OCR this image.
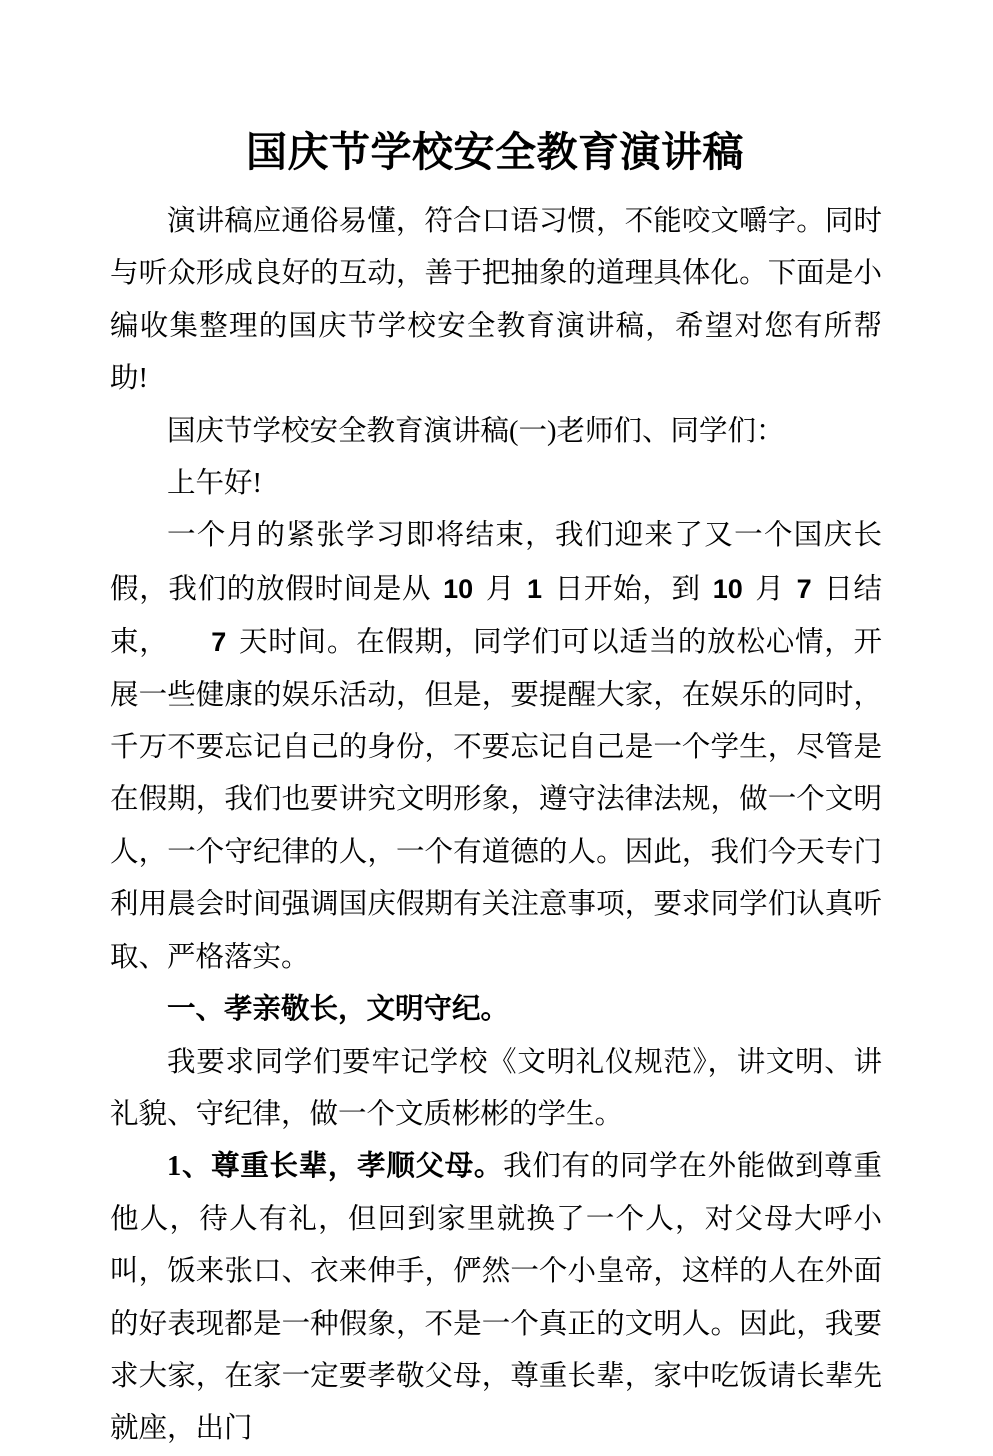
国庆节学校安全教育演讲稿

演讲稿应通俗易懂，符合口语习惯，不能咬文嚼字。同时与听众形成良好的互动，善于把抽象的道理具体化。下面是小编收集整理的国庆节学校安全教育演讲稿，希望对您有所帮助!

国庆节学校安全教育演讲稿(一)老师们、同学们：

上午好!

一个月的紧张学习即将结束，我们迎来了又一个国庆长假，我们的放假时间是从 10 月 1 日开始，到 10 月 7 日结束， 7 天时间。在假期，同学们可以适当的放松心情，开展一些健康的娱乐活动，但是，要提醒大家，在娱乐的同时，千万不要忘记自己的身份，不要忘记自己是一个学生，尽管是在假期，我们也要讲究文明形象，遵守法律法规，做一个文明人，一个守纪律的人，一个有道德的人。因此，我们今天专门利用晨会时间强调国庆假期有关注意事项，要求同学们认真听取、严格落实。

一、孝亲敬长，文明守纪。

我要求同学们要牢记学校《文明礼仪规范》，讲文明、讲礼貌、守纪律，做一个文质彬彬的学生。

1、尊重长辈，孝顺父母。我们有的同学在外能做到尊重他人，待人有礼，但回到家里就换了一个人，对父母大呼小叫，饭来张口、衣来伸手，俨然一个小皇帝，这样的人在外面的好表现都是一种假象，不是一个真正的文明人。因此，我要求大家，在家一定要孝敬父母，尊重长辈，家中吃饭请长辈先就座，出门
